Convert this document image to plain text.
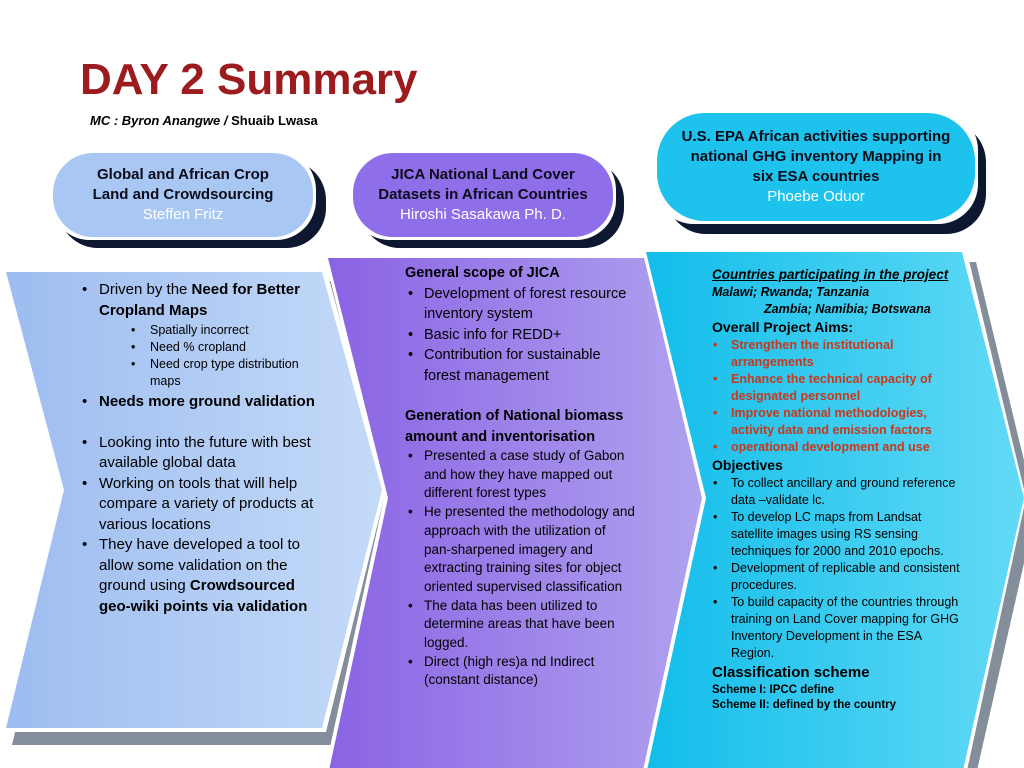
DAY 2 Summary
MC : Byron Anangwe / Shuaib Lwasa
Global and African Crop
Land and Crowdsourcing
Steffen Fritz
JICA National Land Cover
Datasets in African Countries
Hiroshi Sasakawa Ph. D.
U.S. EPA African activities supporting
national GHG inventory Mapping in
six ESA countries
Phoebe Oduor
• Driven by the Need for Better Cropland Maps
• Spatially incorrect
• Need % cropland
• Need crop type distribution maps
• Needs more ground validation
• Looking into the future with best available global data
• Working on tools that will help compare a variety of products at various locations
• They have developed a tool to allow some validation on the ground using Crowdsourced geo-wiki points via validation
General scope of JICA
• Development of forest resource inventory system
• Basic info for REDD+
• Contribution for sustainable forest management
Generation of National biomass amount and inventorisation
• Presented a case study of Gabon and how they have mapped out different forest types
• He presented the methodology and approach with the utilization of pan-sharpened imagery and extracting training sites for object oriented supervised classification
• The data has been utilized to determine areas that have been logged.
• Direct (high res)a nd Indirect (constant distance)
Countries participating in the project Malawi; Rwanda; Tanzania
Zambia; Namibia; Botswana
Overall Project Aims:
• Strengthen the institutional arrangements
• Enhance the technical capacity of designated personnel
• Improve national methodologies, activity data and emission factors
• operational development and use
Objectives
• To collect ancillary and ground reference data –validate lc.
• To develop LC maps from Landsat satellite images using RS sensing techniques for 2000 and 2010 epochs.
• Development of replicable and consistent procedures.
• To build capacity of the countries through training on Land Cover mapping for GHG Inventory Development in the ESA Region.
Classification scheme
Scheme I: IPCC define
Scheme II: defined by the country
